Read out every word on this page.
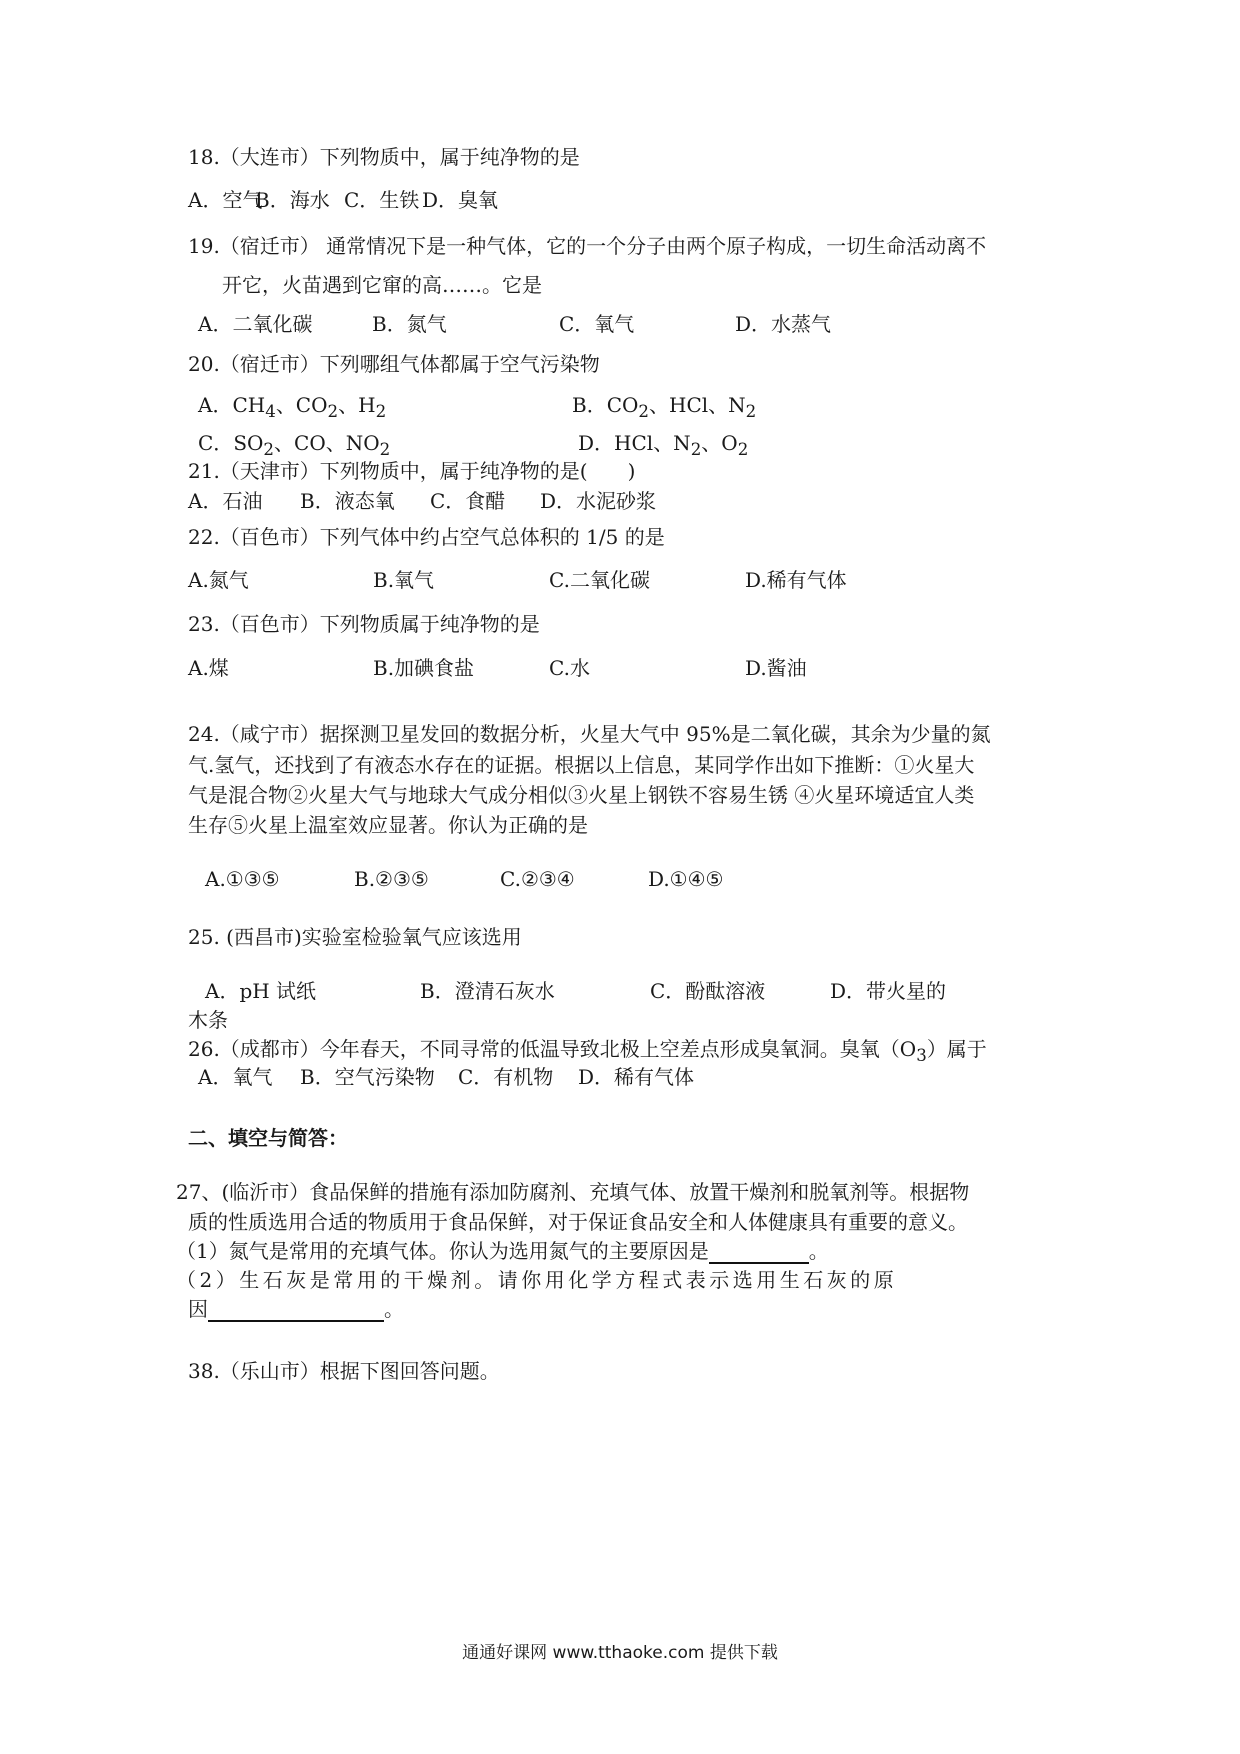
18.（大连市）下列物质中，属于纯净物的是
A．空气
B．海水 C．生铁 D．臭氧
19.（宿迁市） 通常情况下是一种气体，它的一个分子由两个原子构成，一切生命活动离不
开它，火苗遇到它窜的高……。它是
A．二氧化碳	B．氮气	C．氧气	D．水蒸气
20.（宿迁市）下列哪组气体都属于空气污染物
A．$CH_4$、$CO_2$、$H_2$	B．$CO_2$、HCl、$N_2$
C．$SO_2$、CO、$NO_2$	D．HCl、$N_2$、$O_2$
21.（天津市）下列物质中，属于纯净物的是(　　)
A．石油 B．液态氧 C．食醋 D．水泥砂浆
22.（百色市）下列气体中约占空气总体积的 1/5 的是
A.氮气	B.氧气	C.二氧化碳	D.稀有气体
23.（百色市）下列物质属于纯净物的是
A.煤	B.加碘食盐	C.水	D.酱油
24.（咸宁市）据探测卫星发回的数据分析，火星大气中 95%是二氧化碳，其余为少量的氮
气.氢气，还找到了有液态水存在的证据。根据以上信息，某同学作出如下推断：①火星大
气是混合物②火星大气与地球大气成分相似③火星上钢铁不容易生锈 ④火星环境适宜人类
生存⑤火星上温室效应显著。你认为正确的是
A.①③⑤	B.②③⑤	C.②③④	D.①④⑤
25. (西昌市)实验室检验氧气应该选用
A．pH 试纸	B．澄清石灰水	C．酚酞溶液	D．带火星的
木条
26.（成都市）今年春天，不同寻常的低温导致北极上空差点形成臭氧洞。臭氧$(O_3)$属于
A．氧气 B．空气污染物 C．有机物 D．稀有气体
二、填空与简答：
27、(临沂市）食品保鲜的措施有添加防腐剂、充填气体、放置干燥剂和脱氧剂等。根据物
质的性质选用合适的物质用于食品保鲜，对于保证食品安全和人体健康具有重要的意义。
（1）氮气是常用的充填气体。你认为选用氮气的主要原因是	。
（2）生石灰是常用的干燥剂。请你用化学方程式表示选用生石灰的原
因	。
38.（乐山市）根据下图回答问题。
通通好课网 www.tthaoke.com 提供下载
